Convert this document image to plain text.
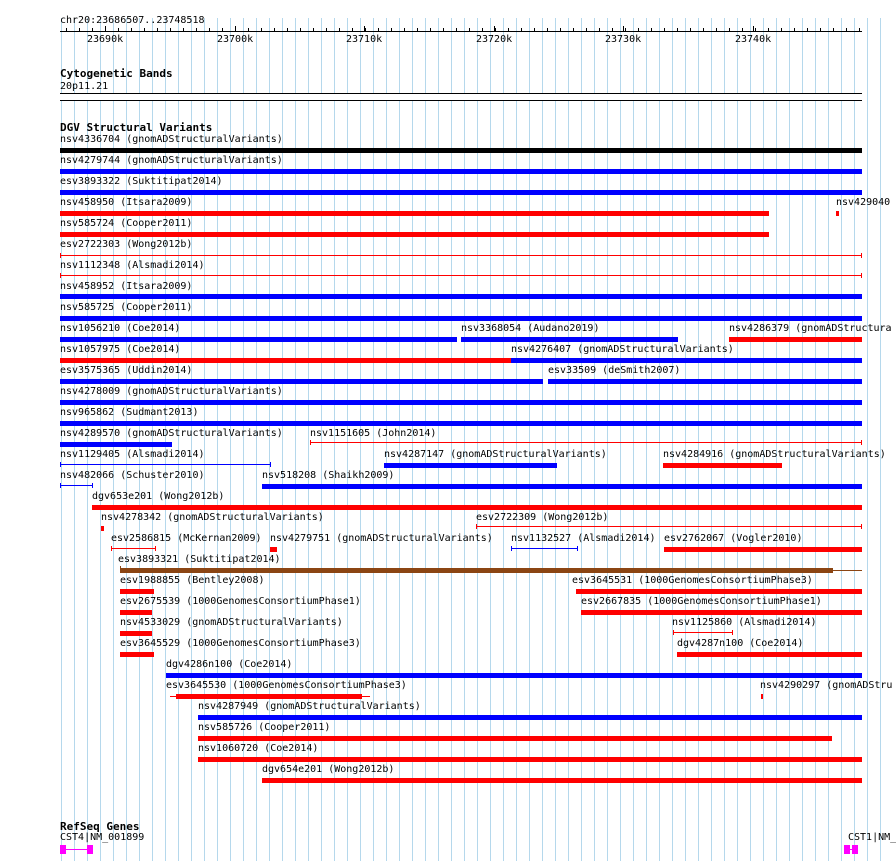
chr20:23686507..23748518
23690k	23700k	23710k	23720k	23730k	23740k
Cytogenetic Bands
20p11.21
DGV Structural Variants
nsv4336704 (gnomADStructuralVariants)
nsv4279744 (gnomADStructuralVariants)
esv3893322 (Suktitipat2014)
nsv458950 (Itsara2009)	nsv429040
nsv585724 (Cooper2011)
esv2722303 (Wong2012b)
nsv1112348 (Alsmadi2014)
nsv458952 (Itsara2009)
nsv585725 (Cooper2011)
nsv1056210 (Coe2014)	nsv3368054 (Audano2019)	nsv4286379 (gnomADStructura
nsv1057975 (Coe2014)	nsv4276407 (gnomADStructuralVariants)
esv3575365 (Uddin2014)	esv33509 (deSmith2007)
nsv4278009 (gnomADStructuralVariants)
nsv965862 (Sudmant2013)
nsv4289570 (gnomADStructuralVariants)	nsv1151605 (John2014)
nsv1129405 (Alsmadi2014)	nsv4287147 (gnomADStructuralVariants)	nsv4284916 (gnomADStructuralVariants)
nsv482066 (Schuster2010)	nsv518208 (Shaikh2009)
dgv653e201 (Wong2012b)
nsv4278342 (gnomADStructuralVariants)	esv2722309 (Wong2012b)
esv2586815 (McKernan2009) nsv4279751 (gnomADStructuralVariants) nsv1132527 (Alsmadi2014) esv2762067 (Vogler2010)
esv3893321 (Suktitipat2014)
esv1988855 (Bentley2008)	esv3645531 (1000GenomesConsortiumPhase3)
esv2675539 (1000GenomesConsortiumPhase1)	esv2667835 (1000GenomesConsortiumPhase1)
nsv4533029 (gnomADStructuralVariants)	nsv1125860 (Alsmadi2014)
esv3645529 (1000GenomesConsortiumPhase3)	dgv4287n100 (Coe2014)
dgv4286n100 (Coe2014)
esv3645530 (1000GenomesConsortiumPhase3)	nsv4290297 (gnomADStru
nsv4287949 (gnomADStructuralVariants)
nsv585726 (Cooper2011)
nsv1060720 (Coe2014)
dgv654e201 (Wong2012b)
RefSeq Genes
CST4|NM_001899	CST1|NM_
